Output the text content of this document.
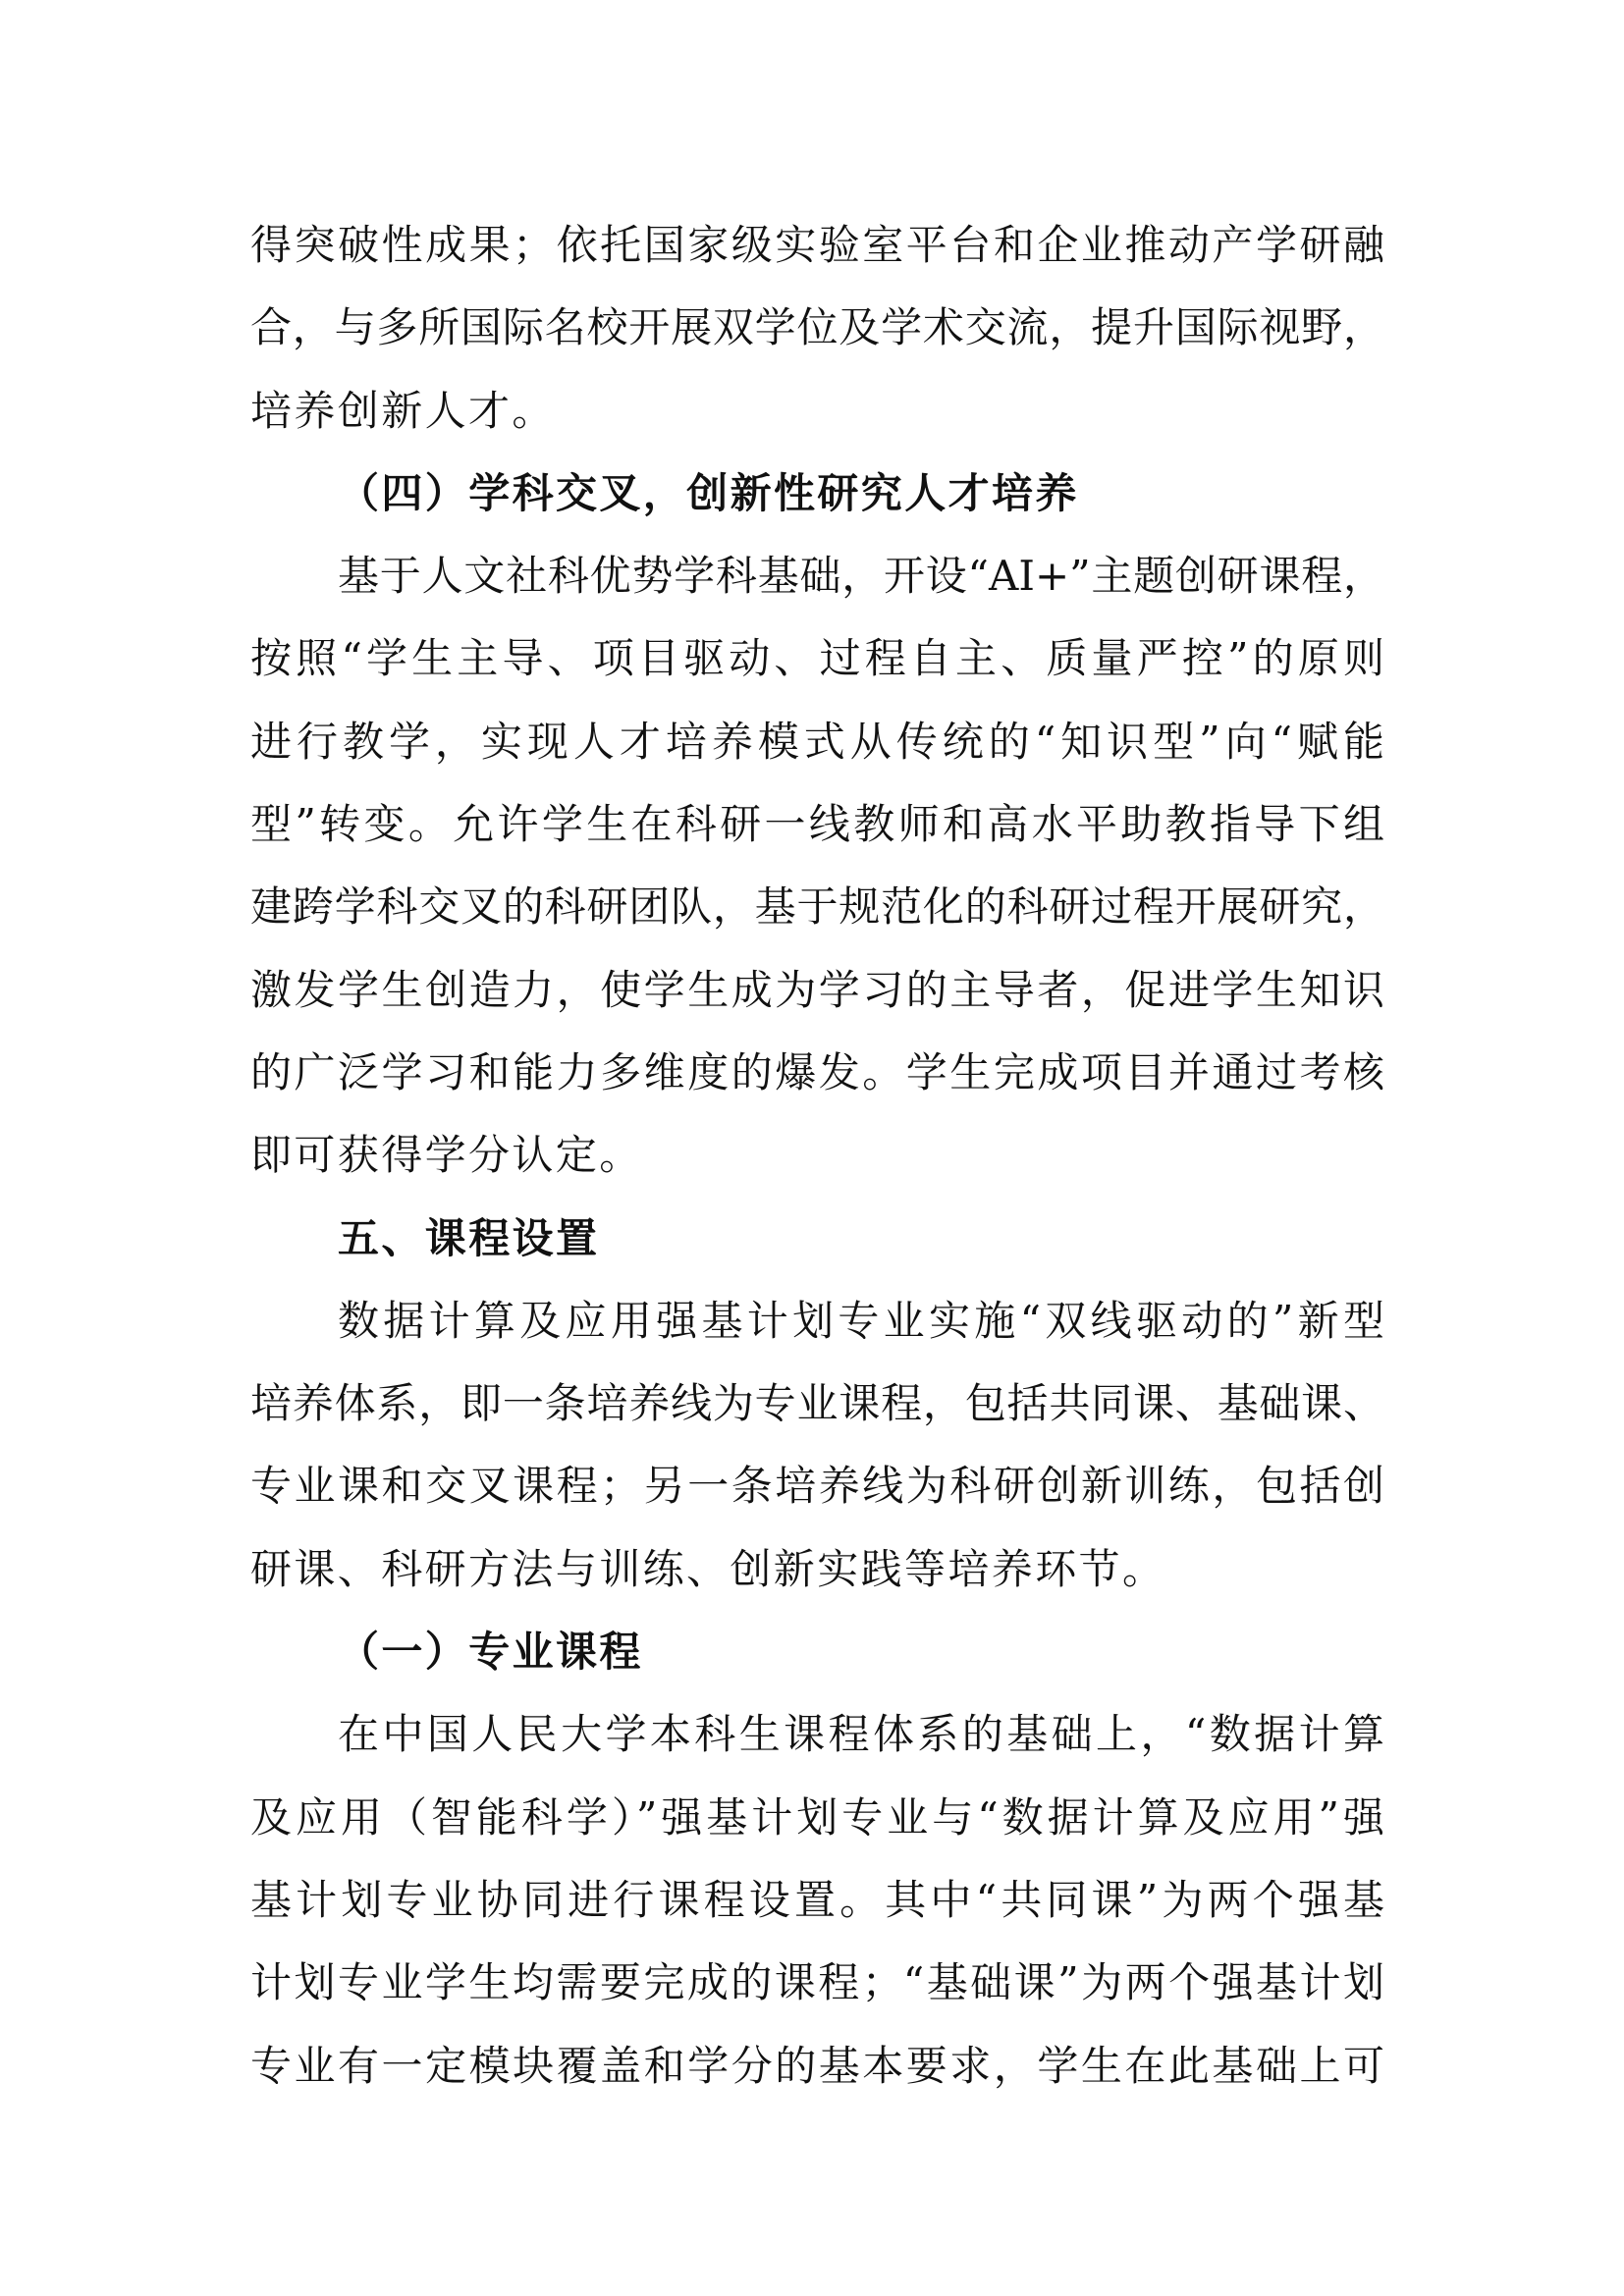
得突破性成果；依托国家级实验室平台和企业推动产学研融
合，与多所国际名校开展双学位及学术交流，提升国际视野，
培养创新人才。
（四）学科交叉，创新性研究人才培养
基于人文社科优势学科基础，开设“AI+”主题创研课程，
按照“学生主导、项目驱动、过程自主、质量严控”的原则
进行教学，实现人才培养模式从传统的“知识型”向“赋能
型”转变。允许学生在科研一线教师和高水平助教指导下组
建跨学科交叉的科研团队，基于规范化的科研过程开展研究，
激发学生创造力，使学生成为学习的主导者，促进学生知识
的广泛学习和能力多维度的爆发。学生完成项目并通过考核
即可获得学分认定。
五、课程设置
数据计算及应用强基计划专业实施“双线驱动的”新型
培养体系，即一条培养线为专业课程，包括共同课、基础课、
专业课和交叉课程；另一条培养线为科研创新训练，包括创
研课、科研方法与训练、创新实践等培养环节。
（一）专业课程
在中国人民大学本科生课程体系的基础上，“数据计算
及应用（智能科学）”强基计划专业与“数据计算及应用”强
基计划专业协同进行课程设置。其中“共同课”为两个强基
计划专业学生均需要完成的课程；“基础课”为两个强基计划
专业有一定模块覆盖和学分的基本要求，学生在此基础上可
